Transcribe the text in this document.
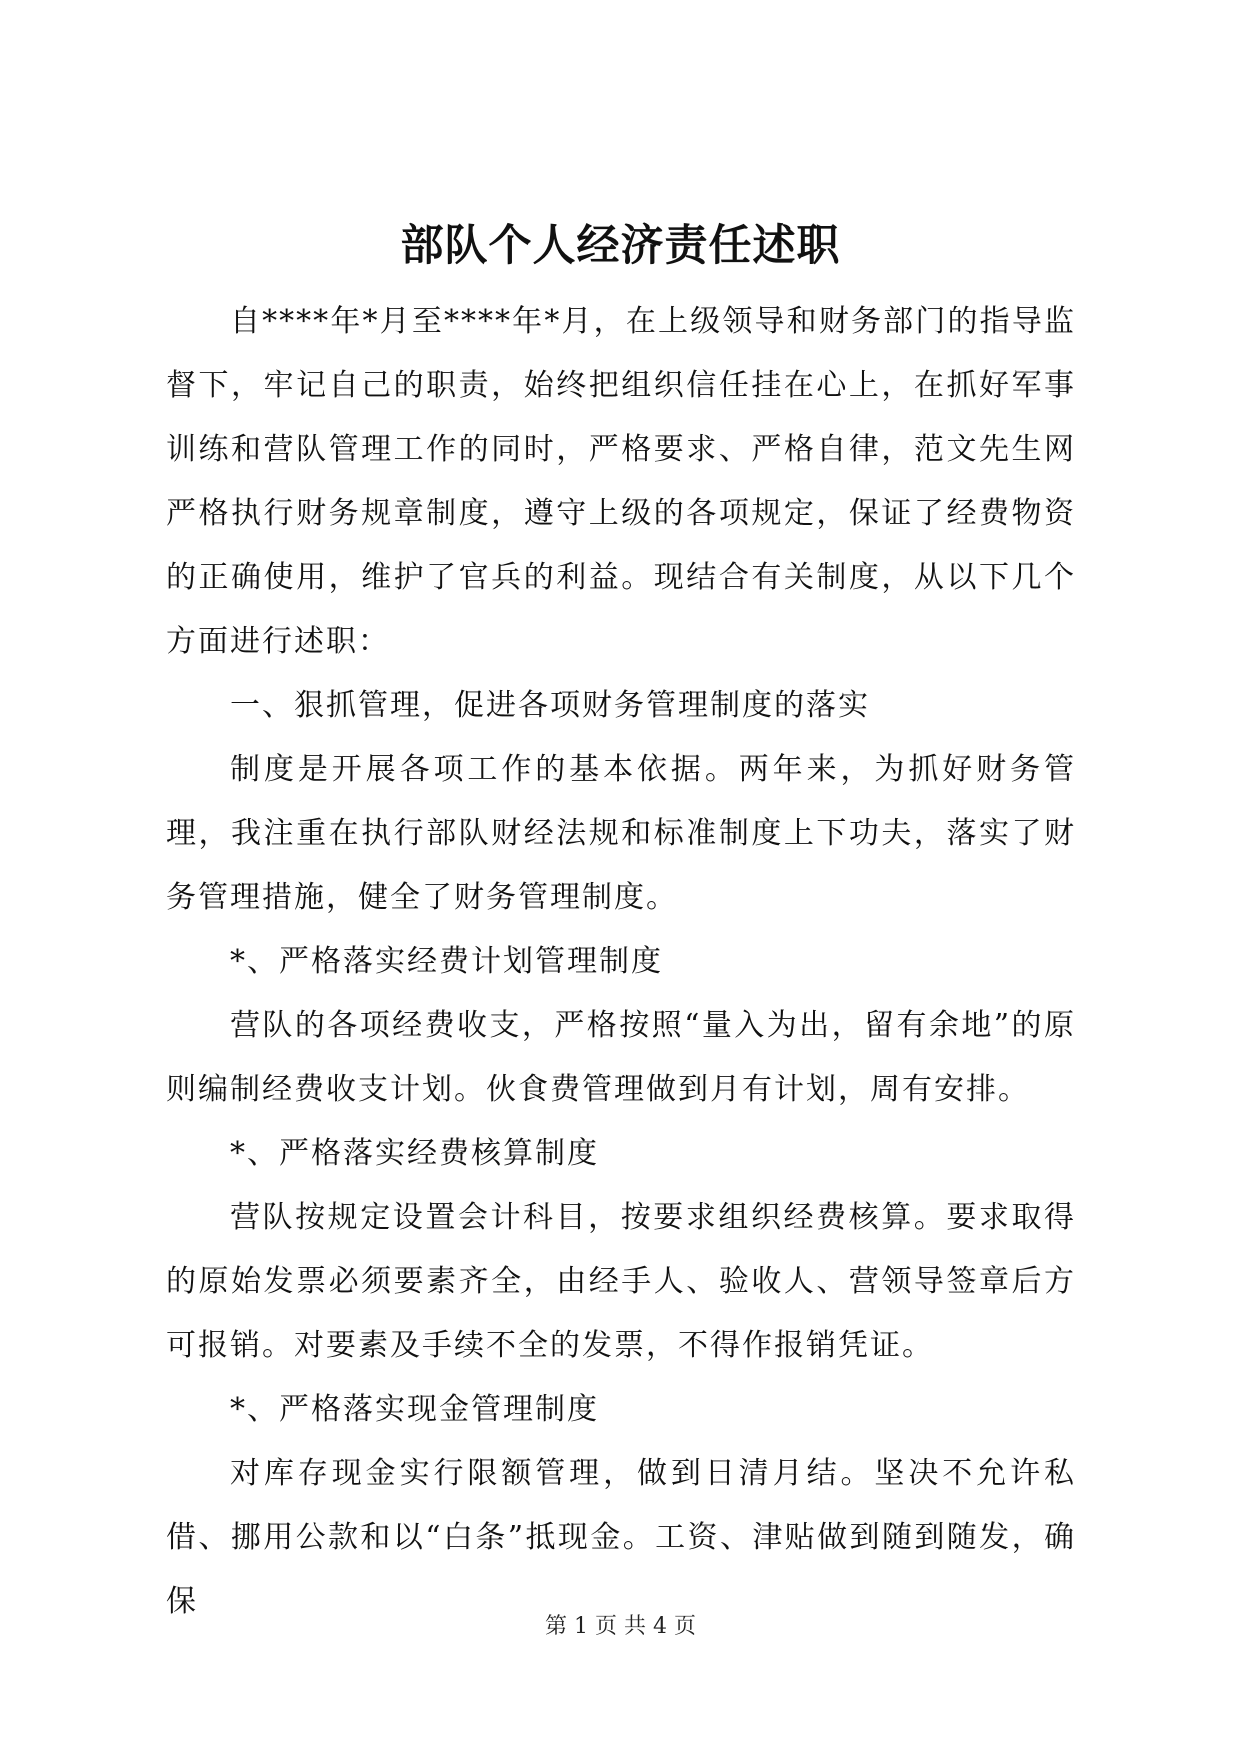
部队个人经济责任述职

自****年*月至****年*月，在上级领导和财务部门的指导监督下，牢记自己的职责，始终把组织信任挂在心上，在抓好军事训练和营队管理工作的同时，严格要求、严格自律，范文先生网严格执行财务规章制度，遵守上级的各项规定，保证了经费物资的正确使用，维护了官兵的利益。现结合有关制度，从以下几个方面进行述职：

一、狠抓管理，促进各项财务管理制度的落实

制度是开展各项工作的基本依据。两年来，为抓好财务管理，我注重在执行部队财经法规和标准制度上下功夫，落实了财务管理措施，健全了财务管理制度。

*、严格落实经费计划管理制度

营队的各项经费收支，严格按照“量入为出，留有余地”的原则编制经费收支计划。伙食费管理做到月有计划，周有安排。

*、严格落实经费核算制度

营队按规定设置会计科目，按要求组织经费核算。要求取得的原始发票必须要素齐全，由经手人、验收人、营领导签章后方可报销。对要素及手续不全的发票，不得作报销凭证。

*、严格落实现金管理制度

对库存现金实行限额管理，做到日清月结。坚决不允许私借、挪用公款和以“白条”抵现金。工资、津贴做到随到随发，确保

第 1 页 共 4 页
